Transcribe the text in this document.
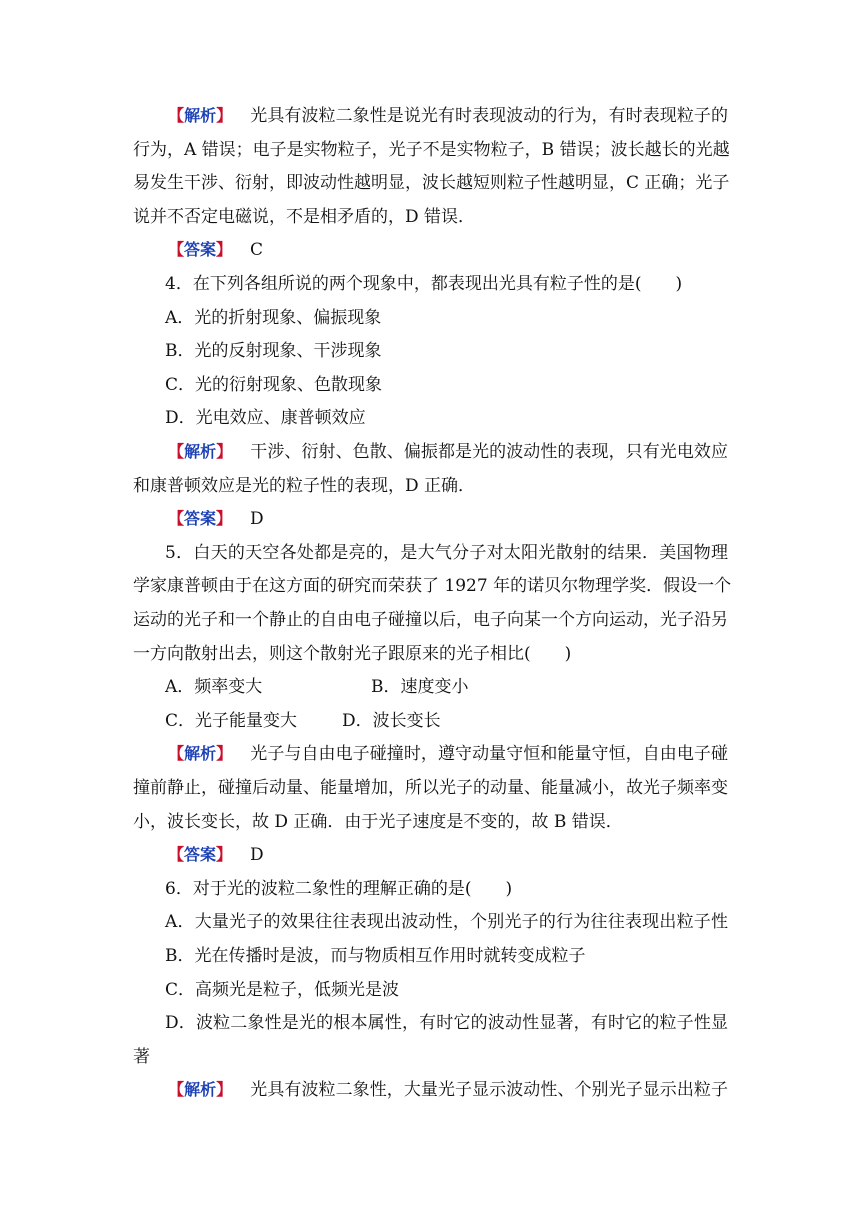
【解析】 光具有波粒二象性是说光有时表现波动的行为，有时表现粒子的
行为，A 错误；电子是实物粒子，光子不是实物粒子，B 错误；波长越长的光越
易发生干涉、衍射，即波动性越明显，波长越短则粒子性越明显，C 正确；光子
说并不否定电磁说，不是相矛盾的，D 错误．
【答案】 C
4．在下列各组所说的两个现象中，都表现出光具有粒子性的是(　　)
A．光的折射现象、偏振现象
B．光的反射现象、干涉现象
C．光的衍射现象、色散现象
D．光电效应、康普顿效应
【解析】 干涉、衍射、色散、偏振都是光的波动性的表现，只有光电效应
和康普顿效应是光的粒子性的表现，D 正确．
【答案】 D
5．白天的天空各处都是亮的，是大气分子对太阳光散射的结果．美国物理
学家康普顿由于在这方面的研究而荣获了 1927 年的诺贝尔物理学奖．假设一个
运动的光子和一个静止的自由电子碰撞以后，电子向某一个方向运动，光子沿另
一方向散射出去，则这个散射光子跟原来的光子相比(　　)
A．频率变大	B．速度变小
C．光子能量变大	D．波长变长
【解析】 光子与自由电子碰撞时，遵守动量守恒和能量守恒，自由电子碰
撞前静止，碰撞后动量、能量增加，所以光子的动量、能量减小，故光子频率变
小，波长变长，故 D 正确．由于光子速度是不变的，故 B 错误．
【答案】 D
6．对于光的波粒二象性的理解正确的是(　　)
A．大量光子的效果往往表现出波动性，个别光子的行为往往表现出粒子性
B．光在传播时是波，而与物质相互作用时就转变成粒子
C．高频光是粒子，低频光是波
D．波粒二象性是光的根本属性，有时它的波动性显著，有时它的粒子性显
著
【解析】 光具有波粒二象性，大量光子显示波动性、个别光子显示出粒子
